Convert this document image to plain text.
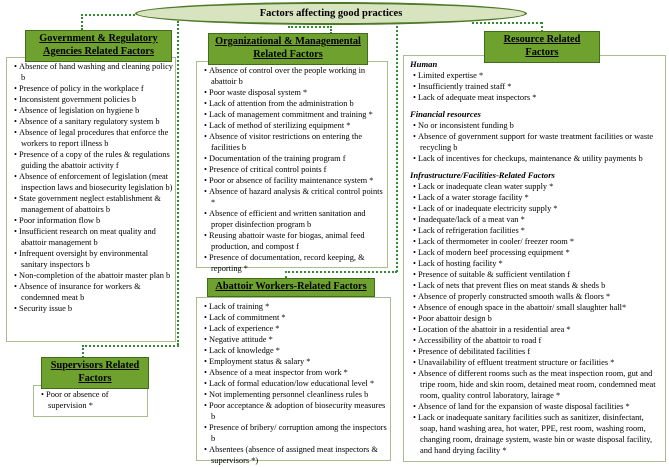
Factors affecting good practices
Government & Regulatory Agencies Related Factors
• Absence of hand washing and cleaning policy b
• Presence of policy in the workplace f
• Inconsistent government policies b
• Absence of legislation on hygiene b
• Absence of a sanitary regulatory system b
• Absence of legal procedures that enforce the workers to report illness b
• Presence of a copy of the rules & regulations guiding the abattoir activity f
• Absence of enforcement of legislation (meat inspection laws and biosecurity legislation b)
• State government neglect establishment & management of abattoirs b
• Poor information flow b
• Insufficient research on meat quality and abattoir management b
• Infrequent oversight by environmental sanitary inspectors b
• Non-completion of the abattoir master plan b
• Absence of insurance for workers & condemned meat b
• Security issue b
Supervisors Related Factors
• Poor or absence of supervision *
Organizational & Managemental Related Factors
• Absence of control over the people working in abattoir b
• Poor waste disposal system *
• Lack of attention from the administration b
• Lack of management commitment and training *
• Lack of method of sterilizing equipment *
• Absence of visitor restrictions on entering the facilities b
• Documentation of the training program f
• Presence of critical control points f
• Poor or absence of facility maintenance system *
• Absence of hazard analysis & critical control points *
• Absence of efficient and written sanitation and proper disinfection program b
• Reusing abattoir waste for biogas, animal feed production, and compost f
• Presence of documentation, record keeping, & reporting *
Abattoir Workers-Related Factors
• Lack of training *
• Lack of commitment *
• Lack of experience *
• Negative attitude *
• Lack of knowledge *
• Employment status & salary *
• Absence of a meat inspector from work *
• Lack of formal education/low educational level *
• Not implementing personnel cleanliness rules b
• Poor acceptance & adoption of biosecurity measures b
• Presence of bribery/ corruption among the inspectors b
• Absentees (absence of assigned meat inspectors & supervisors *)
Resource Related Factors
Human
• Limited expertise *
• Insufficiently trained staff *
• Lack of adequate meat inspectors *
Financial resources
• No or inconsistent funding b
• Absence of government support for waste treatment facilities or waste recycling b
• Lack of incentives for checkups, maintenance & utility payments b
Infrastructure/Facilities-Related Factors
• Lack or inadequate clean water supply *
• Lack of a water storage facility *
• Lack of or inadequate electricity supply *
• Inadequate/lack of a meat van *
• Lack of refrigeration facilities *
• Lack of thermometer in cooler/ freezer room *
• Lack of modern beef processing equipment *
• Lack of hosting facility *
• Presence of suitable & sufficient ventilation f
• Lack of nets that prevent flies on meat stands & sheds b
• Absence of properly constructed smooth walls & floors *
• Absence of enough space in the abattoir/ small slaughter hall*
• Poor abattoir design b
• Location of the abattoir in a residential area *
• Accessibility of the abattoir to road f
• Presence of debilitated facilities f
• Unavailability of effluent treatment structure or facilities *
• Absence of different rooms such as the meat inspection room, gut and tripe room, hide and skin room, detained meat room, condemned meat room, quality control laboratory, lairage *
• Absence of land for the expansion of waste disposal facilities *
• Lack or inadequate sanitary facilities such as sanitizer, disinfectant, soap, hand washing area, hot water, PPE, rest room, washing room, changing room, drainage system, waste bin or waste disposal facility, and hand drying facility *
